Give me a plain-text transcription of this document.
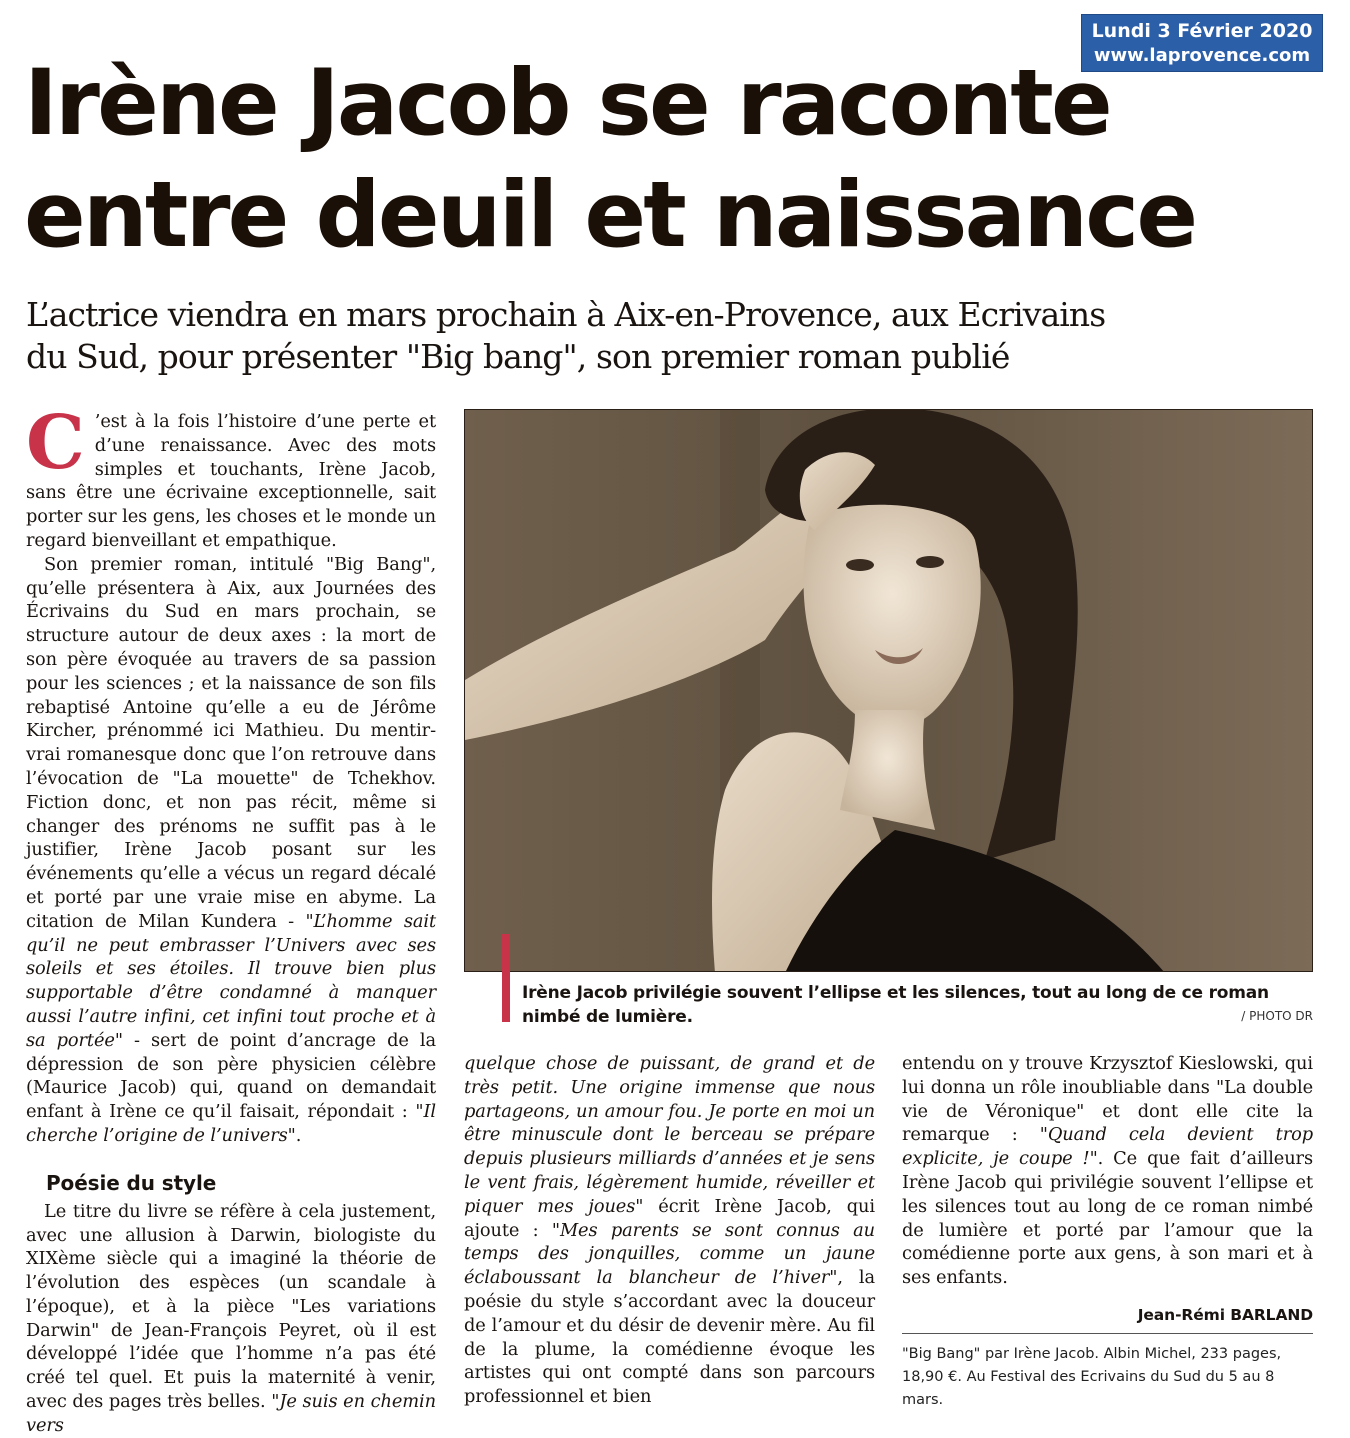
Lundi 3 Février 2020
www.laprovence.com
Irène Jacob se raconte
entre deuil et naissance
L’actrice viendra en mars prochain à Aix-en-Provence, aux Ecrivains
du Sud, pour présenter "Big bang", son premier roman publié

C ’est à la fois l’histoire d’une perte et d’une renaissance. Avec des mots simples et touchants, Irène Jacob, sans être une écrivaine exceptionnelle, sait porter sur les gens, les choses et le monde un regard bienveillant et empathique.

Son premier roman, intitulé "Big Bang", qu’elle présentera à Aix, aux Journées des Écrivains du Sud en mars prochain, se structure autour de deux axes : la mort de son père évoquée au travers de sa passion pour les sciences ; et la naissance de son fils rebaptisé Antoine qu’elle a eu de Jérôme Kircher, prénommé ici Mathieu. Du mentir-vrai romanesque donc que l’on retrouve dans l’évocation de "La mouette" de Tchekhov. Fiction donc, et non pas récit, même si changer des prénoms ne suffit pas à le justifier, Irène Jacob posant sur les événements qu’elle a vécus un regard décalé et porté par une vraie mise en abyme. La citation de Milan Kundera - "L’homme sait qu’il ne peut embrasser l’Univers avec ses soleils et ses étoiles. Il trouve bien plus supportable d’être condamné à manquer aussi l’autre infini, cet infini tout proche et à sa portée" - sert de point d’ancrage de la dépression de son père physicien célèbre (Maurice Jacob) qui, quand on demandait enfant à Irène ce qu’il faisait, répondait : "Il cherche l’origine de l’univers".

Poésie du style

Le titre du livre se réfère à cela justement, avec une allusion à Darwin, biologiste du XIXème siècle qui a imaginé la théorie de l’évolution des espèces (un scandale à l’époque), et à la pièce "Les variations Darwin" de Jean-François Peyret, où il est développé l’idée que l’homme n’a pas été créé tel quel. Et puis la maternité à venir, avec des pages très belles. "Je suis en chemin vers

quelque chose de puissant, de grand et de très petit. Une origine immense que nous partageons, un amour fou. Je porte en moi un être minuscule dont le berceau se prépare depuis plusieurs milliards d’années et je sens le vent frais, légèrement humide, réveiller et piquer mes joues" écrit Irène Jacob, qui ajoute : "Mes parents se sont connus au temps des jonquilles, comme un jaune éclaboussant la blancheur de l’hiver", la poésie du style s’accordant avec la douceur de l’amour et du désir de devenir mère. Au fil de la plume, la comédienne évoque les artistes qui ont compté dans son parcours professionnel et bien

entendu on y trouve Krzysztof Kieslowski, qui lui donna un rôle inoubliable dans "La double vie de Véronique" et dont elle cite la remarque : "Quand cela devient trop explicite, je coupe !". Ce que fait d’ailleurs Irène Jacob qui privilégie souvent l’ellipse et les silences tout au long de ce roman nimbé de lumière et porté par l’amour que la comédienne porte aux gens, à son mari et à ses enfants.

Jean-Rémi BARLAND

Irène Jacob privilégie souvent l’ellipse et les silences, tout au long de ce roman nimbé de lumière.	/ PHOTO DR

"Big Bang" par Irène Jacob. Albin Michel, 233 pages, 18,90 €. Au Festival des Ecrivains du Sud du 5 au 8 mars.
